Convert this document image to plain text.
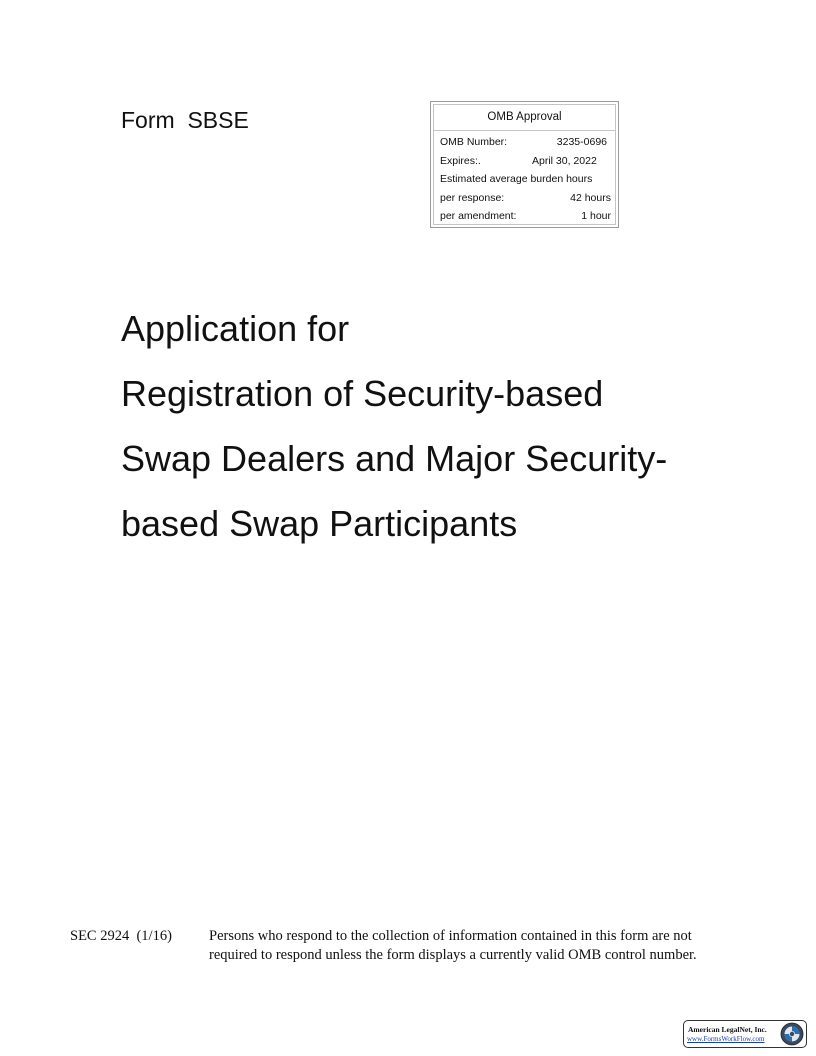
Form  SBSE	OMB Approval
OMB Number:	3235-0696
Expires:.	April 30, 2022
Estimated average burden hours
per response:	42 hours
per amendment:	1 hour
Application for
Registration of Security-based
Swap Dealers and Major Security-
based Swap Participants
SEC 2924  (1/16)	Persons who respond to the collection of information contained in this form are not
required to respond unless the form displays a currently valid OMB control number.
American LegalNet, Inc.
www.FormsWorkFlow.com
